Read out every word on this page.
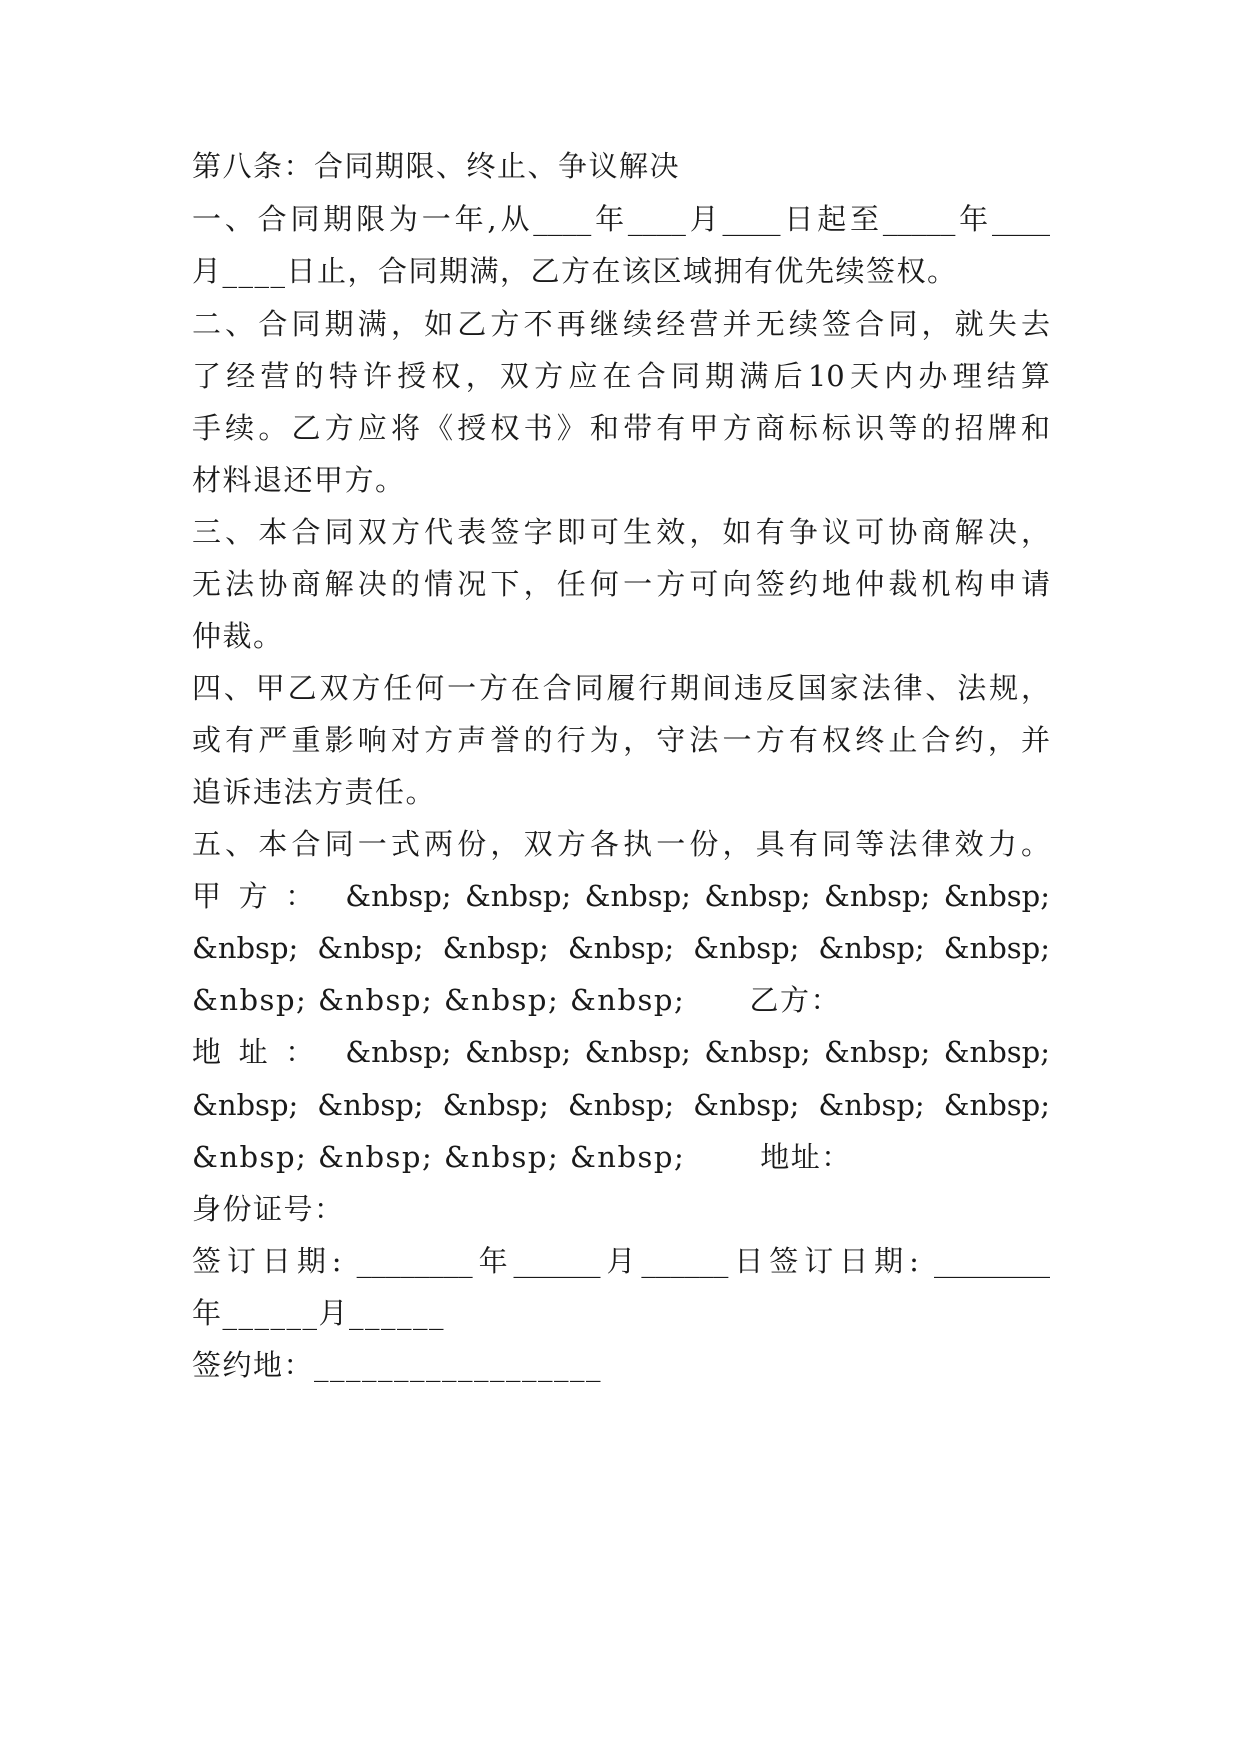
第八条：合同期限、终止、争议解决
一、合同期限为一年,从____年____月____日起至_____年____
月____日止，合同期满，乙方在该区域拥有优先续签权。
二、合同期满，如乙方不再继续经营并无续签合同，就失去
了经营的特许授权，双方应在合同期满后10天内办理结算
手续。乙方应将《授权书》和带有甲方商标标识等的招牌和
材料退还甲方。
三、本合同双方代表签字即可生效，如有争议可协商解决，
无法协商解决的情况下，任何一方可向签约地仲裁机构申请
仲裁。
四、甲乙双方任何一方在合同履行期间违反国家法律、法规，
或有严重影响对方声誉的行为，守法一方有权终止合约，并
追诉违法方责任。
五、本合同一式两份，双方各执一份，具有同等法律效力。
甲 方 ：  &nbsp; &nbsp; &nbsp; &nbsp; &nbsp; &nbsp;
&nbsp; &nbsp; &nbsp; &nbsp; &nbsp; &nbsp; &nbsp;
&nbsp; &nbsp; &nbsp; &nbsp;      乙方：
地 址 ：  &nbsp; &nbsp; &nbsp; &nbsp; &nbsp; &nbsp;
&nbsp; &nbsp; &nbsp; &nbsp; &nbsp; &nbsp; &nbsp;
&nbsp; &nbsp; &nbsp; &nbsp;       地址：
身份证号：
签订日期: ________年______月______日签订日期: ________
年______月______
签约地：__________________
